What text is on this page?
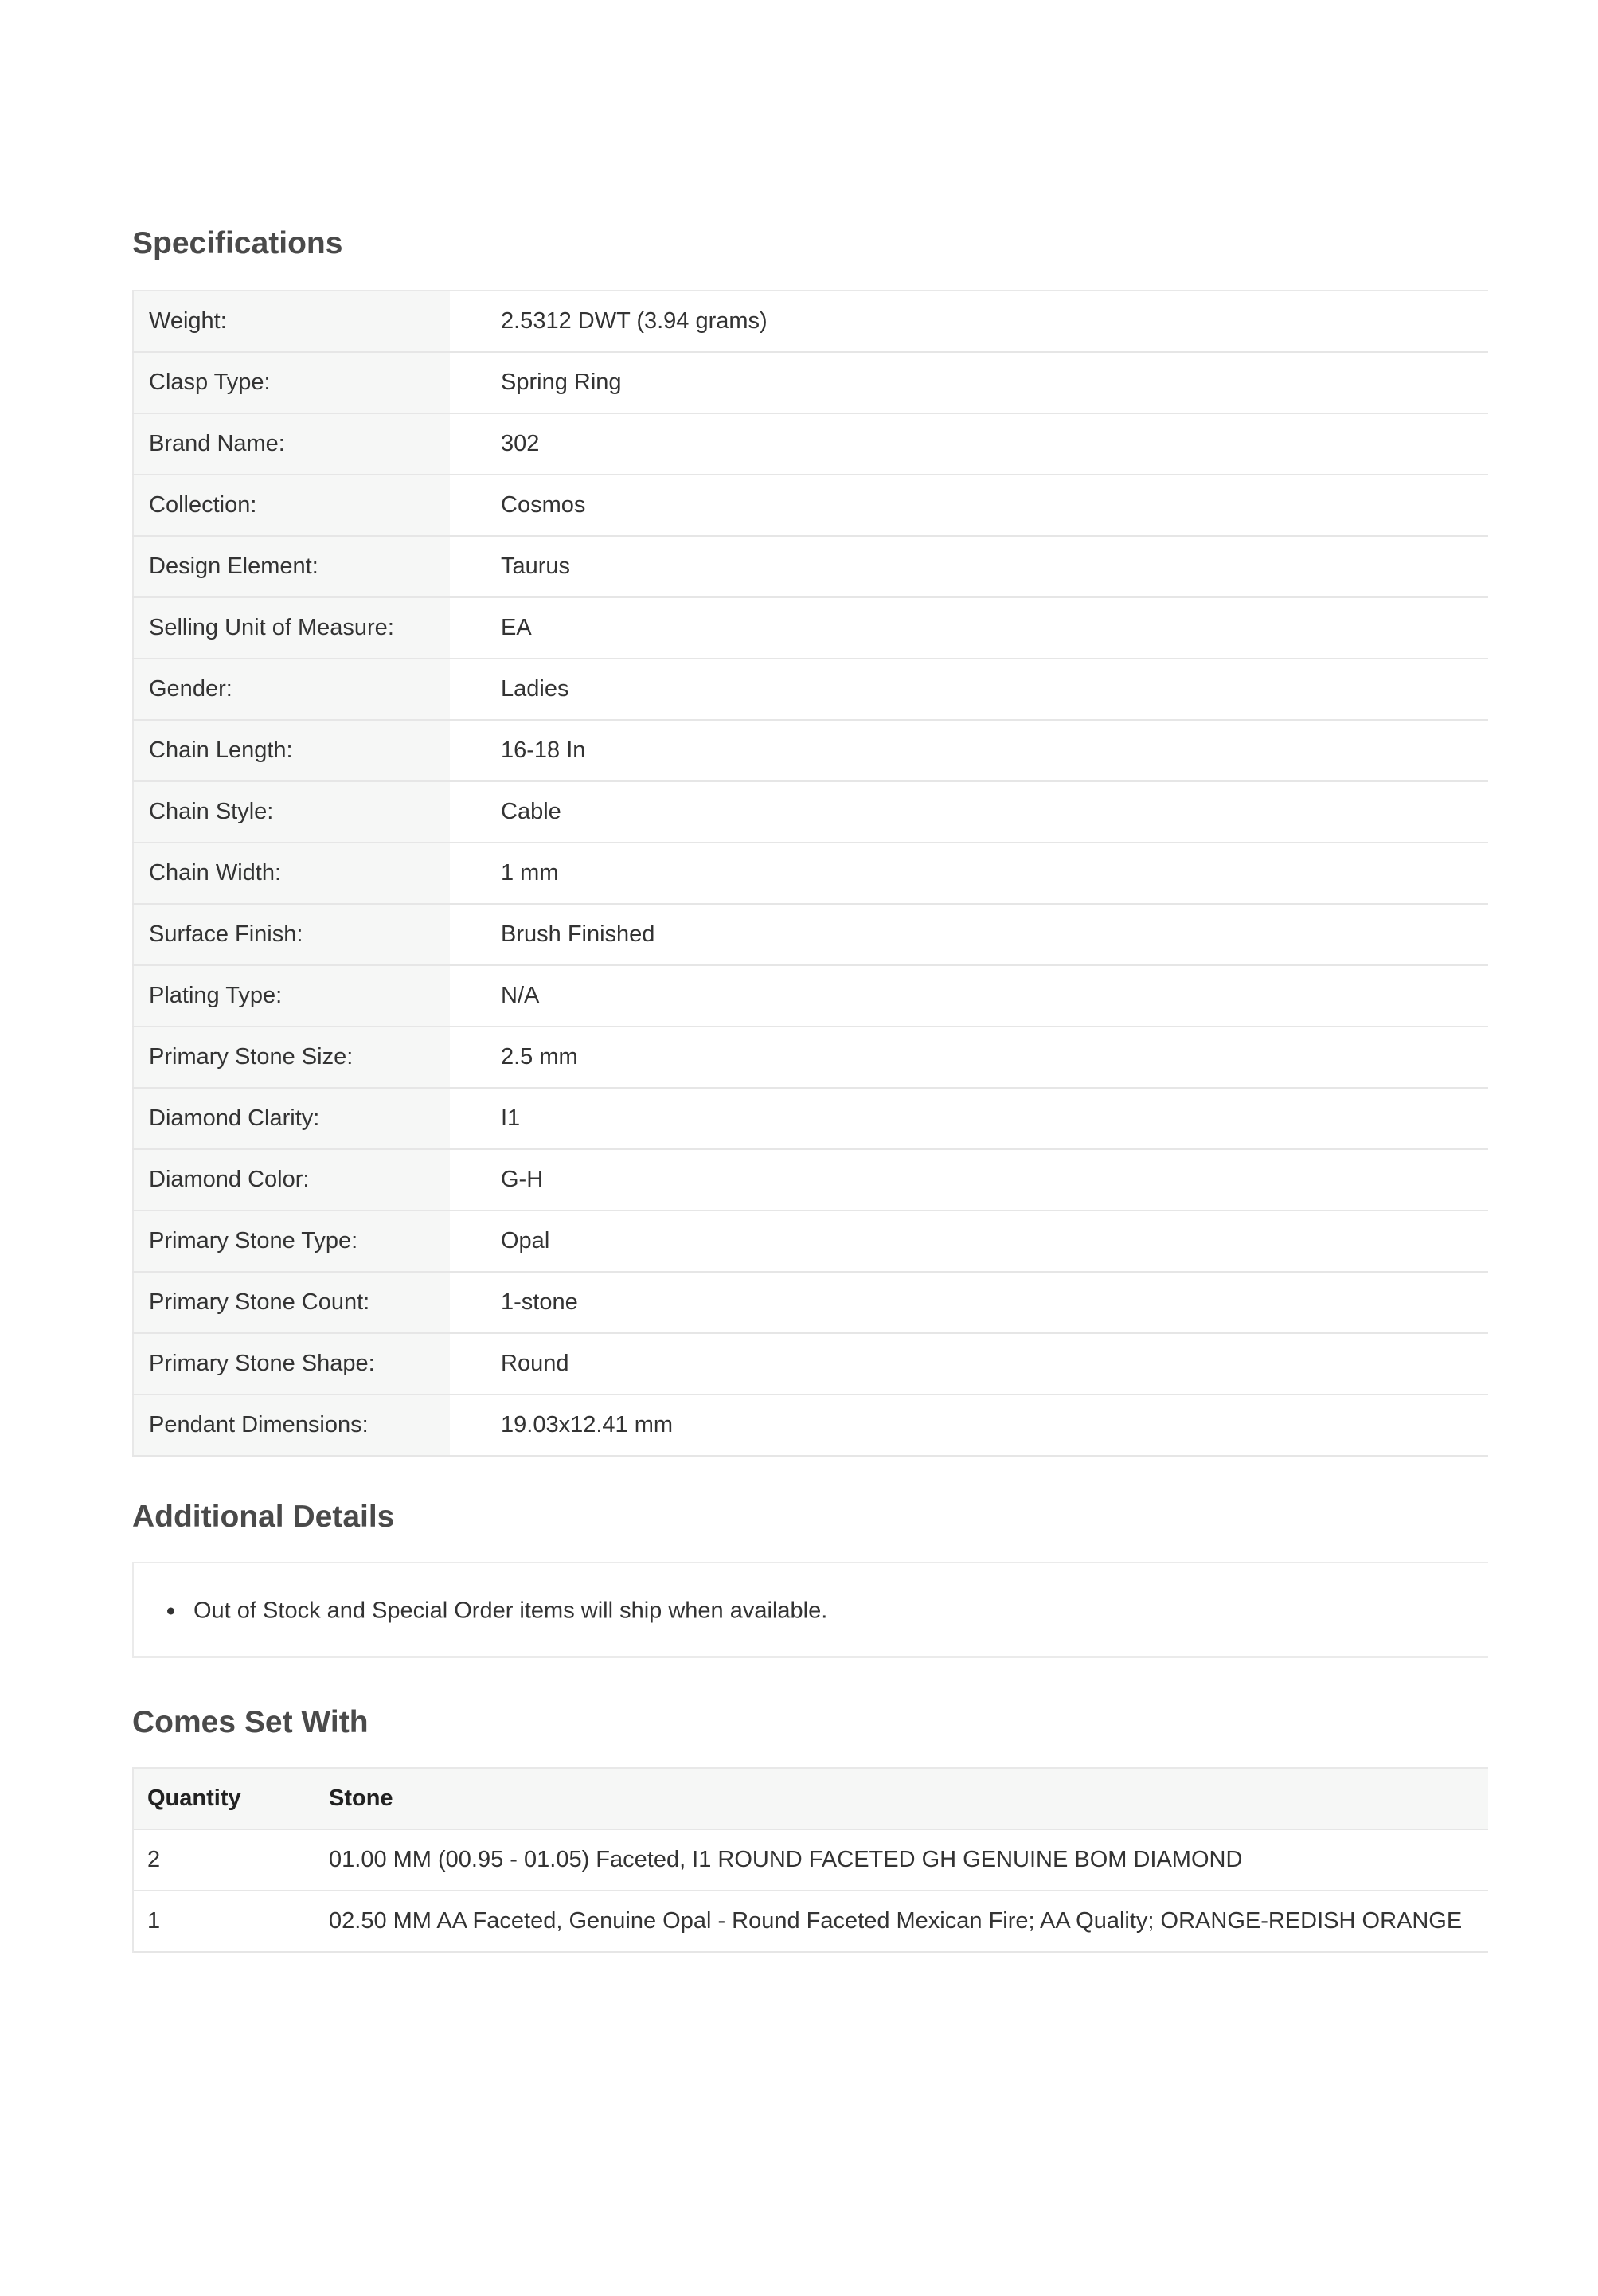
Specifications
Weight:	2.5312 DWT (3.94 grams)
Clasp Type:	Spring Ring
Brand Name:	302
Collection:	Cosmos
Design Element:	Taurus
Selling Unit of Measure:	EA
Gender:	Ladies
Chain Length:	16-18 In
Chain Style:	Cable
Chain Width:	1 mm
Surface Finish:	Brush Finished
Plating Type:	N/A
Primary Stone Size:	2.5 mm
Diamond Clarity:	I1
Diamond Color:	G-H
Primary Stone Type:	Opal
Primary Stone Count:	1-stone
Primary Stone Shape:	Round
Pendant Dimensions:	19.03x12.41 mm
Additional Details
Out of Stock and Special Order items will ship when available.
Comes Set With
Quantity	Stone
2	01.00 MM (00.95 - 01.05) Faceted, I1 ROUND FACETED GH GENUINE BOM DIAMOND
1	02.50 MM AA Faceted, Genuine Opal - Round Faceted Mexican Fire; AA Quality; ORANGE-REDISH ORANGE
